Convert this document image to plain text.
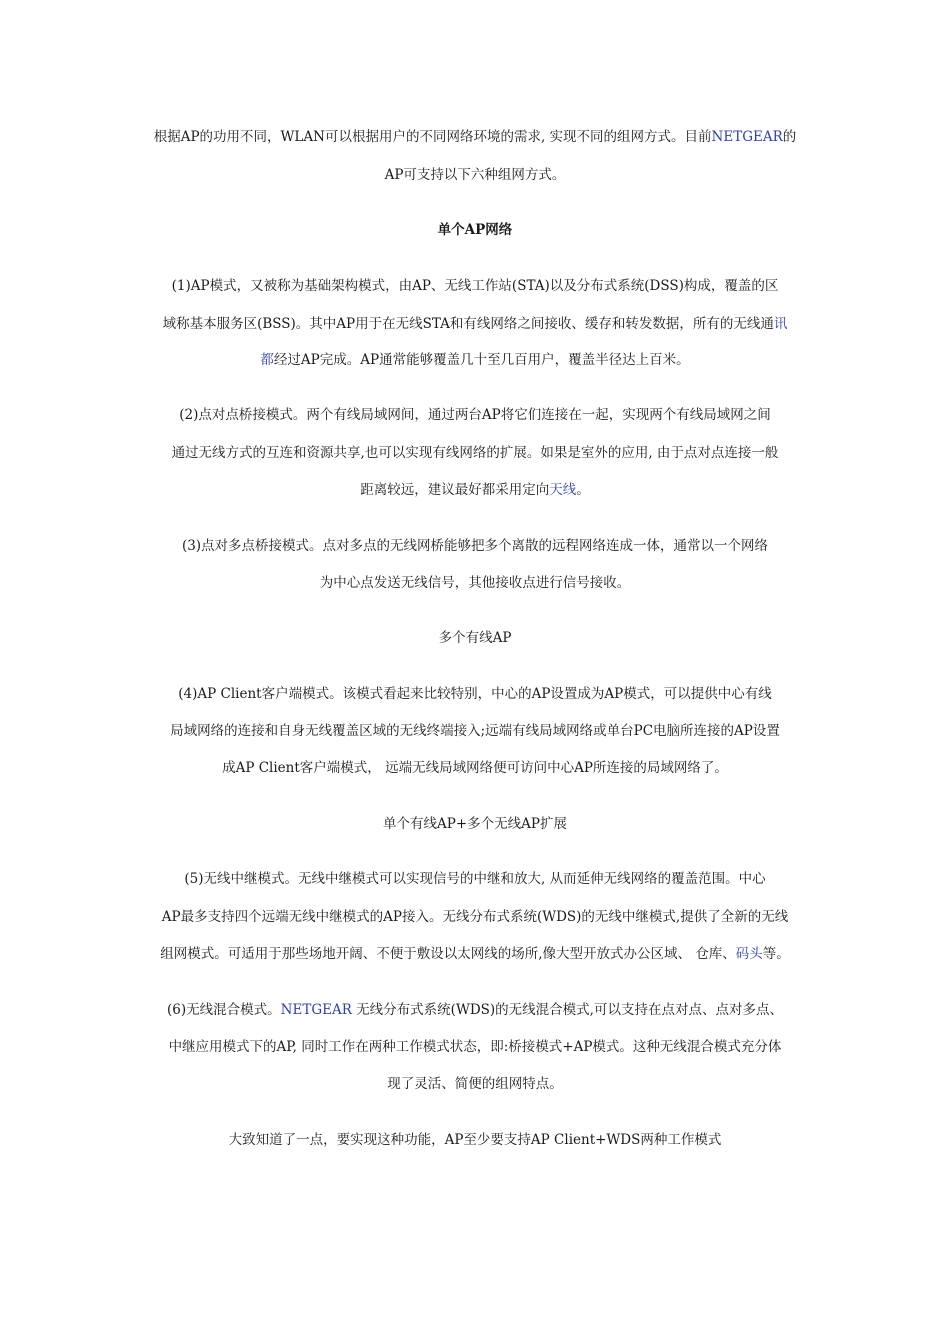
根据AP的功用不同，WLAN可以根据用户的不同网络环境的需求, 实现不同的组网方式。目前NETGEAR的
AP可支持以下六种组网方式。
单个AP网络
(1)AP模式，又被称为基础架构模式，由AP、无线工作站(STA)以及分布式系统(DSS)构成，覆盖的区
域称基本服务区(BSS)。其中AP用于在无线STA和有线网络之间接收、缓存和转发数据，所有的无线通讯
都经过AP完成。AP通常能够覆盖几十至几百用户，覆盖半径达上百米。
(2)点对点桥接模式。两个有线局域网间，通过两台AP将它们连接在一起，实现两个有线局域网之间
通过无线方式的互连和资源共享,也可以实现有线网络的扩展。如果是室外的应用, 由于点对点连接一般
距离较远，建议最好都采用定向天线。
(3)点对多点桥接模式。点对多点的无线网桥能够把多个离散的远程网络连成一体，通常以一个网络
为中心点发送无线信号，其他接收点进行信号接收。
多个有线AP
(4)AP Client客户端模式。该模式看起来比较特别，中心的AP设置成为AP模式，可以提供中心有线
局域网络的连接和自身无线覆盖区域的无线终端接入;远端有线局域网络或单台PC电脑所连接的AP设置
成AP Client客户端模式， 远端无线局域网络便可访问中心AP所连接的局域网络了。
单个有线AP+多个无线AP扩展
(5)无线中继模式。无线中继模式可以实现信号的中继和放大, 从而延伸无线网络的覆盖范围。中心
AP最多支持四个远端无线中继模式的AP接入。无线分布式系统(WDS)的无线中继模式,提供了全新的无线
组网模式。可适用于那些场地开阔、不便于敷设以太网线的场所,像大型开放式办公区域、 仓库、码头等。
(6)无线混合模式。NETGEAR 无线分布式系统(WDS)的无线混合模式,可以支持在点对点、点对多点、
中继应用模式下的AP, 同时工作在两种工作模式状态，即:桥接模式+AP模式。这种无线混合模式充分体
现了灵活、简便的组网特点。
大致知道了一点，要实现这种功能，AP至少要支持AP Client+WDS两种工作模式
